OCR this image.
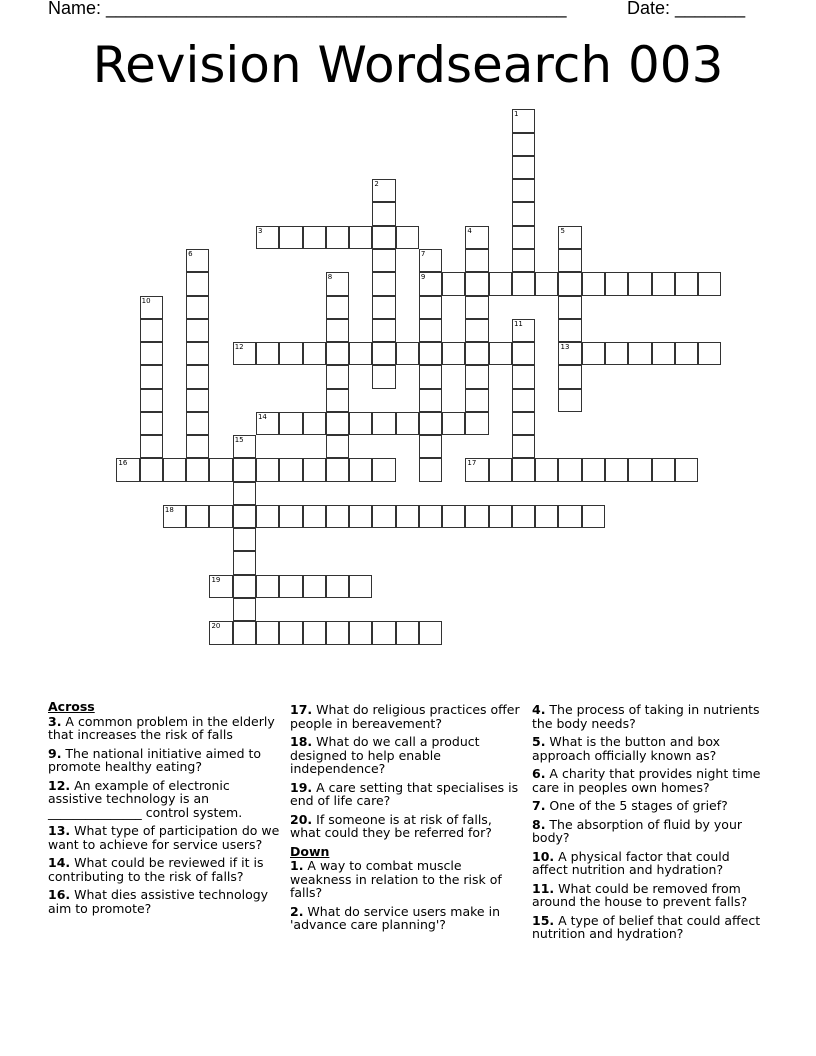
Name: ______________________________________________	Date: _______
Revision Wordsearch 003
1
2
3	4	5
13
6	7
9
8
10
11
12
14
15
16	17
18
19
20
Across
3. A common problem in the elderly that increases the risk of falls
9. The national initiative aimed to promote healthy eating?
12. An example of electronic assistive technology is an _______________ control system.
13. What type of participation do we want to achieve for service users?
14. What could be reviewed if it is contributing to the risk of falls?
16. What dies assistive technology aim to promote?
17. What do religious practices offer people in bereavement?
18. What do we call a product designed to help enable independence?
19. A care setting that specialises is end of life care?
20. If someone is at risk of falls, what could they be referred for?
Down
1. A way to combat muscle weakness in relation to the risk of falls?
2. What do service users make in 'advance care planning'?
4. The process of taking in nutrients the body needs?
5. What is the button and box approach officially known as?
6. A charity that provides night time care in peoples own homes?
7. One of the 5 stages of grief?
8. The absorption of fluid by your body?
10. A physical factor that could affect nutrition and hydration?
11. What could be removed from around the house to prevent falls?
15. A type of belief that could affect nutrition and hydration?
